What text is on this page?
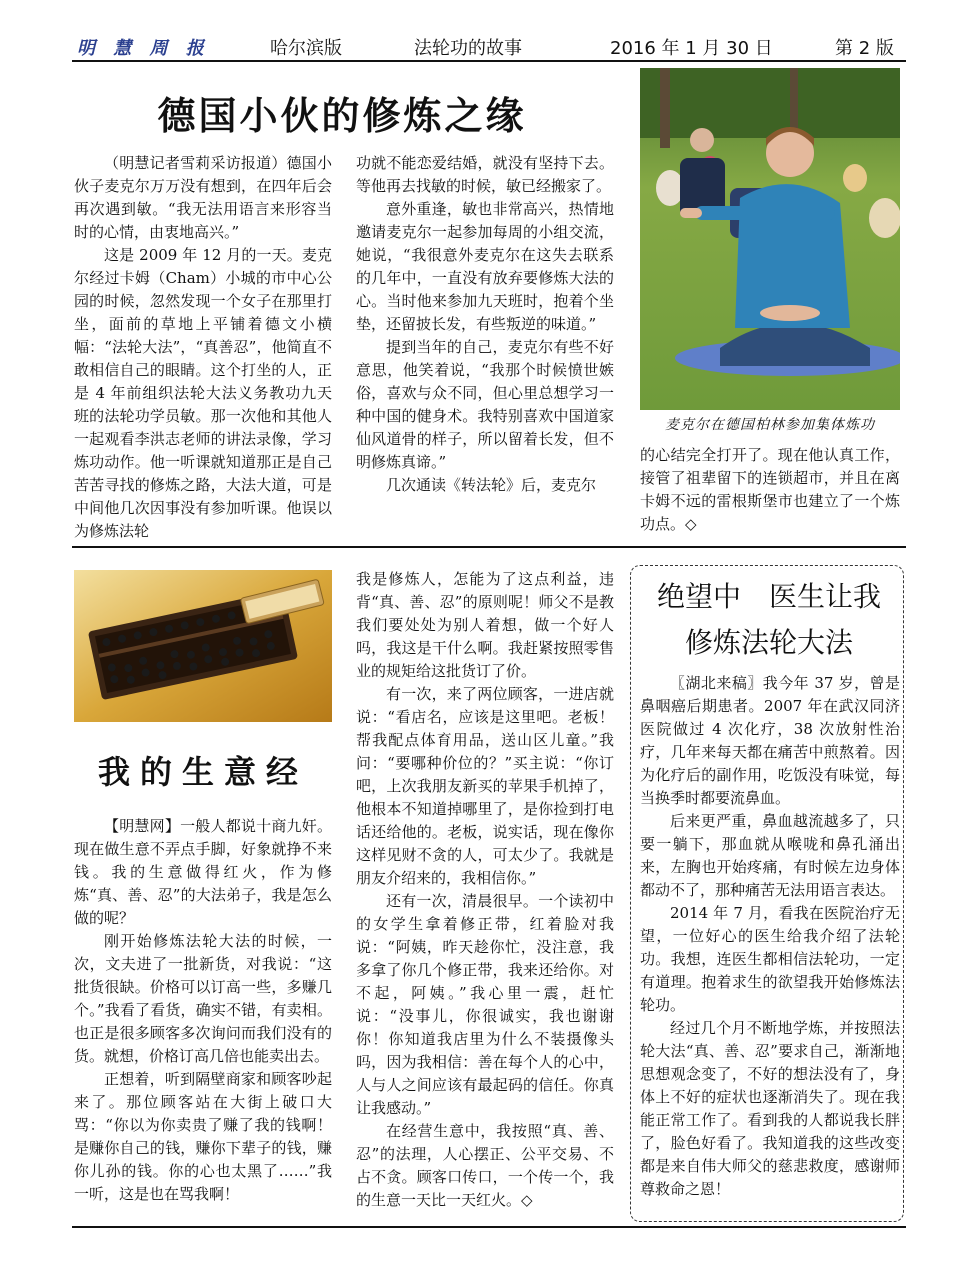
明 慧 周 报	哈尔滨版	法轮功的故事	2016 年 1 月 30 日	第 2 版
德国小伙的修炼之缘

（明慧记者雪莉采访报道）德国小伙子麦克尔万万没有想到，在四年后会再次遇到敏。“我无法用语言来形容当时的心情，由衷地高兴。”

这是 2009 年 12 月的一天。麦克尔经过卡姆（Cham）小城的市中心公园的时候，忽然发现一个女子在那里打坐，面前的草地上平铺着德文小横幅：“法轮大法”，“真善忍”，他简直不敢相信自己的眼睛。这个打坐的人，正是 4 年前组织法轮大法义务教功九天班的法轮功学员敏。那一次他和其他人一起观看李洪志老师的讲法录像，学习炼功动作。他一听课就知道那正是自己苦苦寻找的修炼之路，大法大道，可是中间他几次因事没有参加听课。他误以为修炼法轮

功就不能恋爱结婚，就没有坚持下去。等他再去找敏的时候，敏已经搬家了。

意外重逢，敏也非常高兴，热情地邀请麦克尔一起参加每周的小组交流，她说，“我很意外麦克尔在这失去联系的几年中，一直没有放弃要修炼大法的心。当时他来参加九天班时，抱着个坐垫，还留披长发，有些叛逆的味道。”

提到当年的自己，麦克尔有些不好意思，他笑着说，“我那个时候愤世嫉俗，喜欢与众不同，但心里总想学习一种中国的健身术。我特别喜欢中国道家仙风道骨的样子，所以留着长发，但不明修炼真谛。”

几次通读《转法轮》后，麦克尔

麦克尔在德国柏林参加集体炼功

的心结完全打开了。现在他认真工作，接管了祖辈留下的连锁超市，并且在离卡姆不远的雷根斯堡市也建立了一个炼功点。◇

我的生意经

【明慧网】一般人都说十商九奸。现在做生意不弄点手脚，好象就挣不来钱。我的生意做得红火，作为修炼“真、善、忍”的大法弟子，我是怎么做的呢？

刚开始修炼法轮大法的时候，一次，文夫进了一批新货，对我说：“这批货很缺。价格可以订高一些，多赚几个。”我看了看货，确实不错，有卖相。也正是很多顾客多次询问而我们没有的货。就想，价格订高几倍也能卖出去。

正想着，听到隔壁商家和顾客吵起来了。那位顾客站在大街上破口大骂：“你以为你卖贵了赚了我的钱啊！是赚你自己的钱，赚你下辈子的钱，赚你儿孙的钱。你的心也太黑了……”我一听，这是也在骂我啊！

我是修炼人，怎能为了这点利益，违背“真、善、忍”的原则呢！师父不是教我们要处处为别人着想，做一个好人吗，我这是干什么啊。我赶紧按照零售业的规矩给这批货订了价。

有一次，来了两位顾客，一进店就说：“看店名，应该是这里吧。老板！帮我配点体育用品，送山区儿童。”我问：“要哪种价位的？”买主说：“你订吧，上次我朋友新买的苹果手机掉了，他根本不知道掉哪里了，是你捡到打电话还给他的。老板，说实话，现在像你这样见财不贪的人，可太少了。我就是朋友介绍来的，我相信你。”

还有一次，清晨很早。一个读初中的女学生拿着修正带，红着脸对我说：“阿姨，昨天趁你忙，没注意，我多拿了你几个修正带，我来还给你。对不起，阿姨。”我心里一震，赶忙说：“没事儿，你很诚实，我也谢谢你！你知道我店里为什么不装摄像头吗，因为我相信：善在每个人的心中，人与人之间应该有最起码的信任。你真让我感动。”

在经营生意中，我按照“真、善、忍”的法理，人心摆正、公平交易、不占不贪。顾客口传口，一个传一个，我的生意一天比一天红火。◇

绝望中　医生让我
修炼法轮大法

〖湖北来稿〗我今年 37 岁，曾是鼻咽癌后期患者。2007 年在武汉同济医院做过 4 次化疗，38 次放射性治疗，几年来每天都在痛苦中煎熬着。因为化疗后的副作用，吃饭没有味觉，每当换季时都要流鼻血。

后来更严重，鼻血越流越多了，只要一躺下，那血就从喉咙和鼻孔涌出来，左胸也开始疼痛，有时候左边身体都动不了，那种痛苦无法用语言表达。

2014 年 7 月，看我在医院治疗无望，一位好心的医生给我介绍了法轮功。我想，连医生都相信法轮功，一定有道理。抱着求生的欲望我开始修炼法轮功。

经过几个月不断地学炼，并按照法轮大法“真、善、忍”要求自己，渐渐地思想观念变了，不好的想法没有了，身体上不好的症状也逐渐消失了。现在我能正常工作了。看到我的人都说我长胖了，脸色好看了。我知道我的这些改变都是来自伟大师父的慈悲救度，感谢师尊救命之恩！
